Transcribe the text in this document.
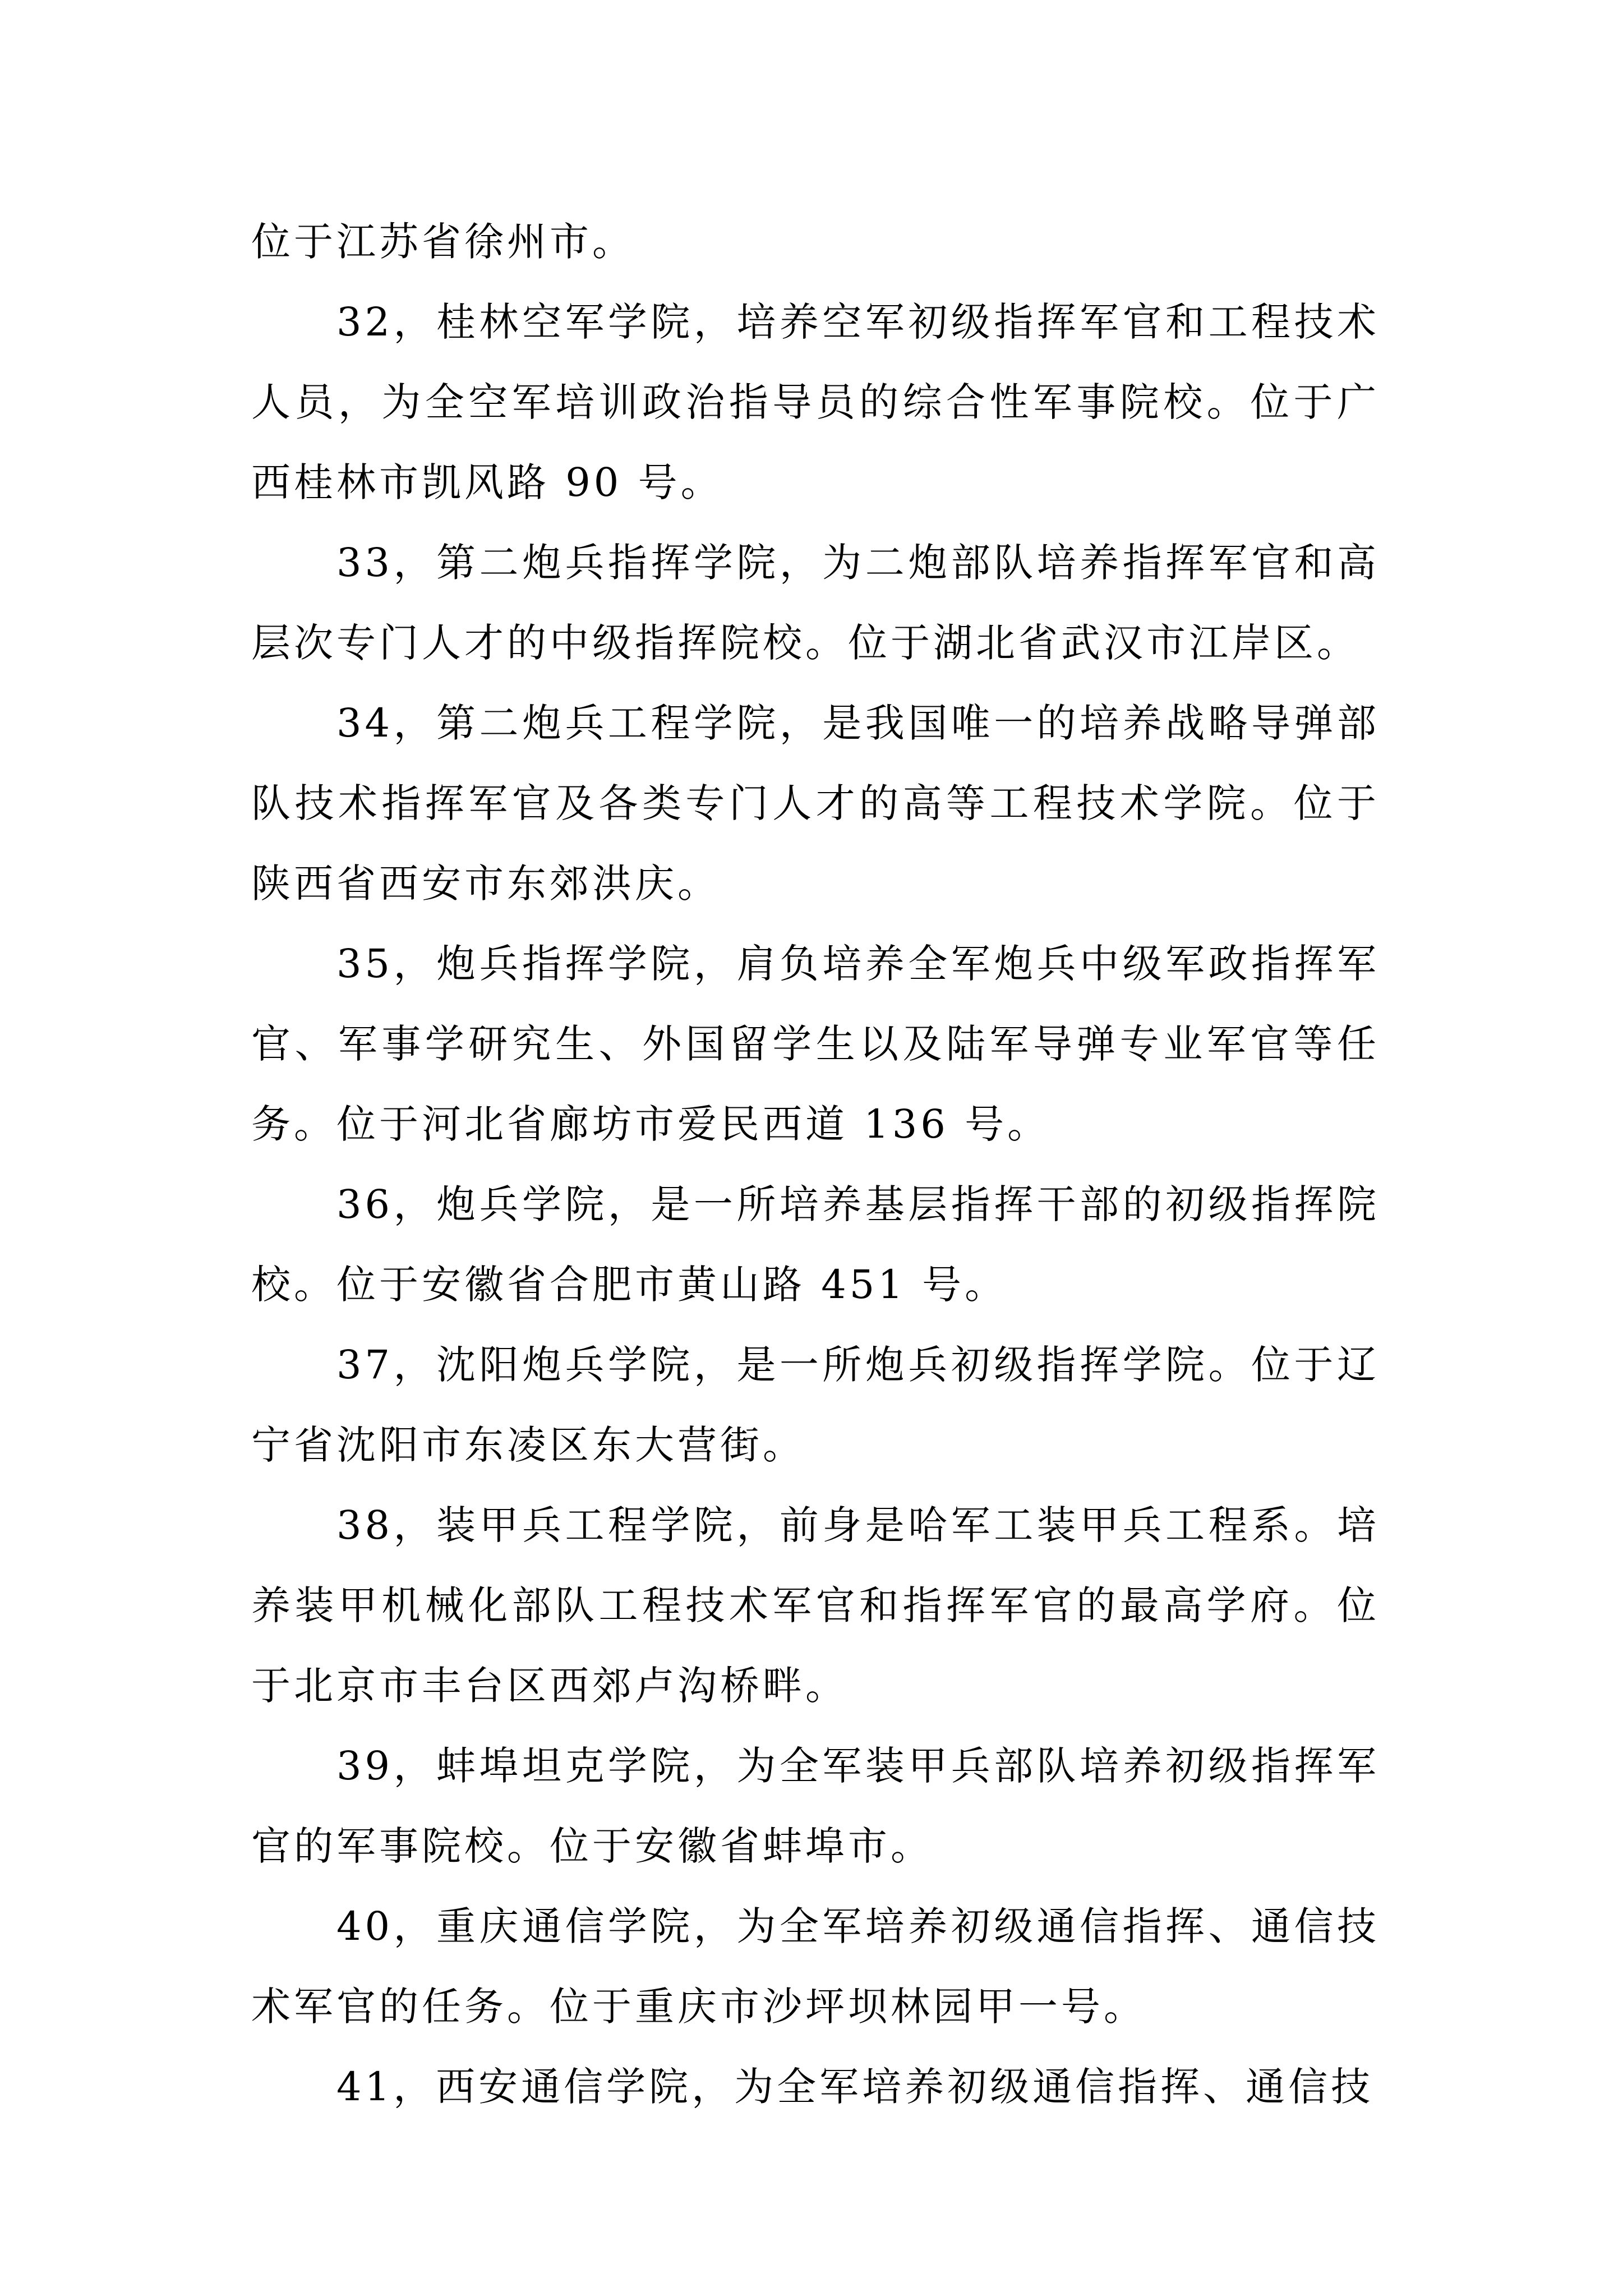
位于江苏省徐州市。

32，桂林空军学院，培养空军初级指挥军官和工程技术人员，为全空军培训政治指导员的综合性军事院校。位于广西桂林市凯风路 90 号。

33，第二炮兵指挥学院，为二炮部队培养指挥军官和高层次专门人才的中级指挥院校。位于湖北省武汉市江岸区。

34，第二炮兵工程学院，是我国唯一的培养战略导弹部队技术指挥军官及各类专门人才的高等工程技术学院。位于陕西省西安市东郊洪庆。

35，炮兵指挥学院，肩负培养全军炮兵中级军政指挥军官、军事学研究生、外国留学生以及陆军导弹专业军官等任务。位于河北省廊坊市爱民西道 136 号。

36，炮兵学院，是一所培养基层指挥干部的初级指挥院校。位于安徽省合肥市黄山路 451 号。

37，沈阳炮兵学院，是一所炮兵初级指挥学院。位于辽宁省沈阳市东凌区东大营街。

38，装甲兵工程学院，前身是哈军工装甲兵工程系。培养装甲机械化部队工程技术军官和指挥军官的最高学府。位于北京市丰台区西郊卢沟桥畔。

39，蚌埠坦克学院，为全军装甲兵部队培养初级指挥军官的军事院校。位于安徽省蚌埠市。

40，重庆通信学院，为全军培养初级通信指挥、通信技术军官的任务。位于重庆市沙坪坝林园甲一号。

41，西安通信学院，为全军培养初级通信指挥、通信技
